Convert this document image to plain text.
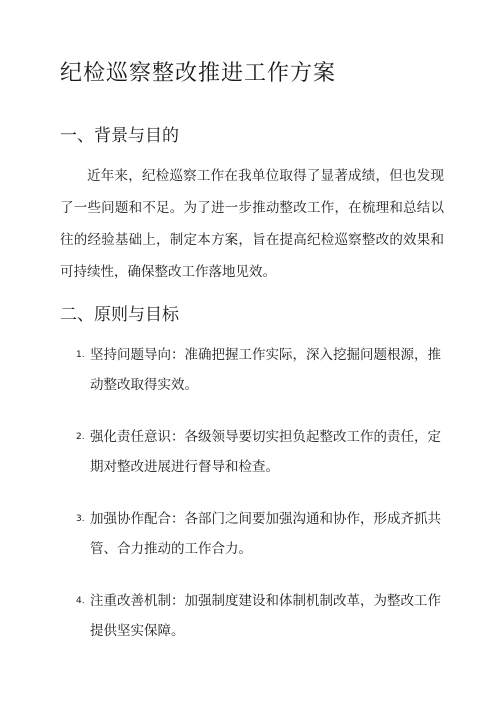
纪检巡察整改推进工作方案
一、背景与目的

近年来，纪检巡察工作在我单位取得了显著成绩，但也发现了一些问题和不足。为了进一步推动整改工作，在梳理和总结以往的经验基础上，制定本方案，旨在提高纪检巡察整改的效果和可持续性，确保整改工作落地见效。

二、原则与目标
1. 坚持问题导向：准确把握工作实际，深入挖掘问题根源，推动整改取得实效。
2. 强化责任意识：各级领导要切实担负起整改工作的责任，定期对整改进展进行督导和检查。
3. 加强协作配合：各部门之间要加强沟通和协作，形成齐抓共管、合力推动的工作合力。
4. 注重改善机制：加强制度建设和体制机制改革，为整改工作提供坚实保障。
